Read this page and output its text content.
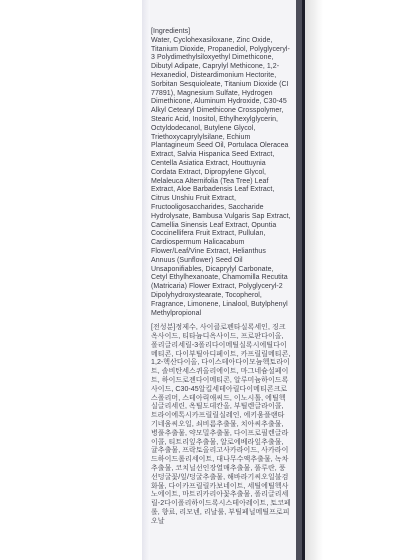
[Ingredients]

Water, Cyclohexasiloxane, Zinc Oxide, Titanium Dioxide, Propanediol, Polyglyceryl-3 Polydimethylsiloxyethyl Dimethicone, Dibutyl Adipate, Caprylyl Methicone, 1,2-Hexanediol, Disteardimonium Hectorite, Sorbitan Sesquioleate, Titanium Dioxide (CI 77891), Magnesium Sulfate, Hydrogen Dimethicone, Aluminum Hydroxide, C30-45 Alkyl Cetearyl Dimethicone Crosspolymer, Stearic Acid, Inositol, Ethylhexylglycerin, Octyldodecanol, Butylene Glycol, Triethoxycaprylylsilane, Echium Plantagineum Seed Oil, Portulaca Oleracea Extract, Salvia Hispanica Seed Extract, Centella Asiatica Extract, Houttuynia Cordata Extract, Dipropylene Glycol, Melaleuca Alternifolia (Tea Tree) Leaf Extract, Aloe Barbadensis Leaf Extract, Citrus Unshiu Fruit Extract, Fructooligosaccharides, Saccharide Hydrolysate, Bambusa Vulgaris Sap Extract, Camellia Sinensis Leaf Extract, Opuntia Coccinellifera Fruit Extract, Pullulan, Cardiospermum Halicacabum Flower/Leaf/Vine Extract, Helianthus Annuus (Sunflower) Seed Oil Unsaponifiables, Dicaprylyl Carbonate, Cetyl Ethylhexanoate, Chamomilla Recutita (Matricaria) Flower Extract, Polyglyceryl-2 Dipolyhydroxystearate, Tocopherol, Fragrance, Limonene, Linalool, Butylphenyl Methylpropional

[전성분]정제수, 사이클로펜타실록세인, 징크옥사이드, 티타늄디옥사이드, 프로판다이올, 폴리글리세릴-3폴리다이메틸실록시에틸다이메티콘, 다이부틸아디페이트, 카프릴릴메티콘, 1,2-헥산다이올, 다이스테아다이모늄헥토라이트, 솔비탄세스퀴올리에이트, 마그네슘설페이트, 하이드로젠다이메티콘, 알루미늄하이드록사이드, C30-45알킬세테아릴다이메티콘크로스폴리머, 스테아릭애씨드, 이노시톨, 에틸헥실글리세린, 옥틸도데칸올, 부틸렌글라이콜, 트라이에톡시카프릴릴실레인, 에키움플랜타기네움씨오일, 쇠비름추출물, 치아씨추출물, 병풀추출물, 약모밀추출물, 다이프로필렌글라이콜, 티트리잎추출물, 알로에베라잎추출물, 귤추출물, 프락토올리고사카라이드, 사카라이드하이드롤리세이트, 대나무수액추출물, 녹차추출물, 코치닐선인장열매추출물, 풀루란, 풍선덩굴꽃/잎/덩굴추출물, 해바라기씨오일불검화물, 다이카프릴릴카보네이트, 세틸에틸헥사노에이트, 마트리카리아꽃추출물, 폴리글리세릴-2다이폴리하이드록시스테아레이트, 토코페롤, 향료, 리모넨, 리날룰, 부틸페닐메틸프로피오날
